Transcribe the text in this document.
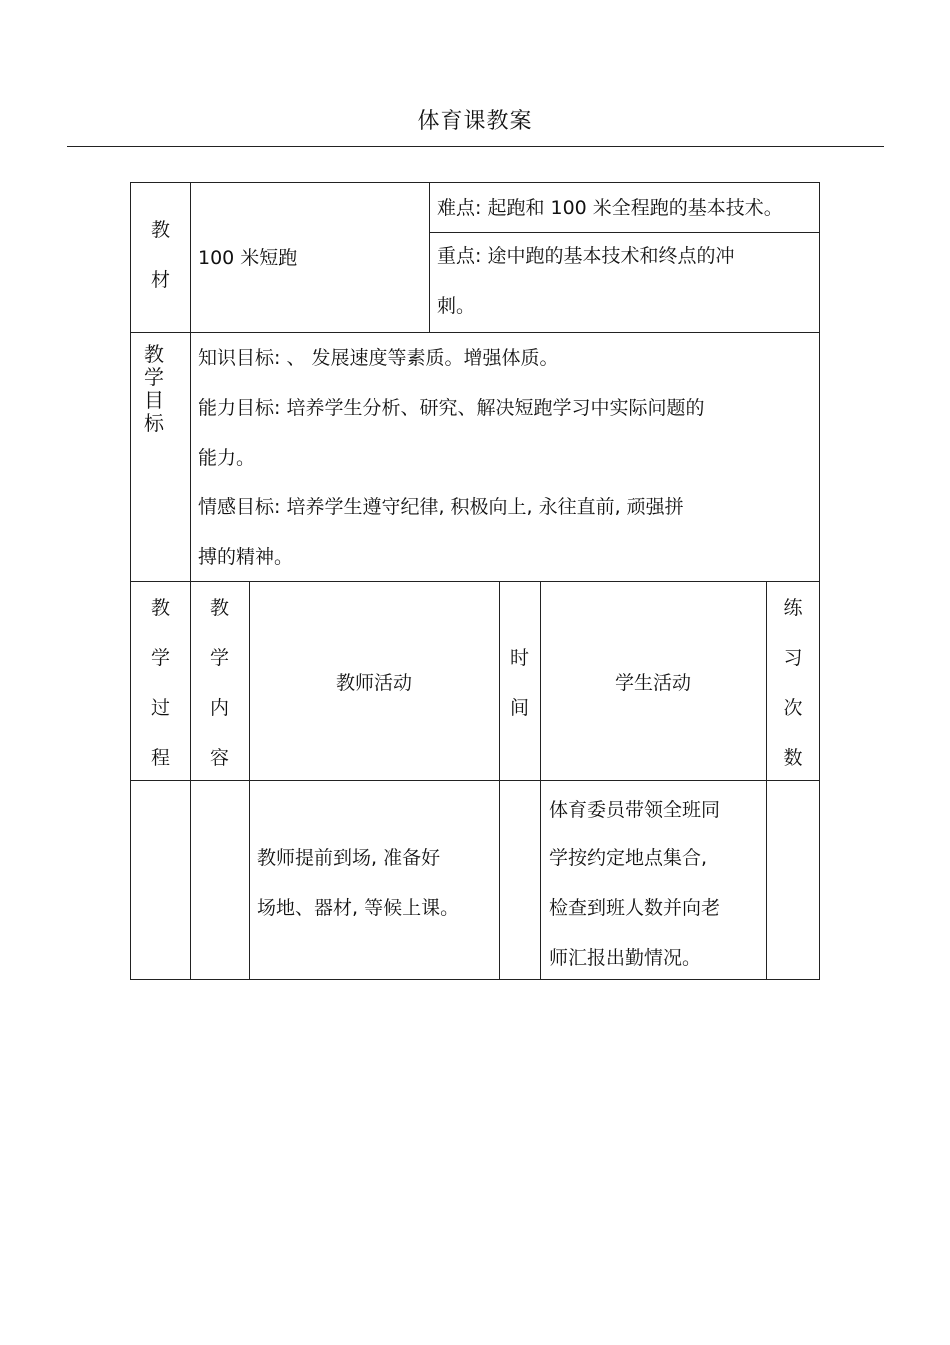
体育课教案
教
材
100 米短跑
难点: 起跑和 100 米全程跑的基本技术。
重点: 途中跑的基本技术和终点的冲
刺。
教
学
目
标
知识目标: 、 发展速度等素质。增强体质。
能力目标: 培养学生分析、研究、解决短跑学习中实际问题的
能力。
情感目标: 培养学生遵守纪律, 积极向上, 永往直前, 顽强拼
搏的精神。
教
学
过
程
教
学
内
容
教师活动
时
间
学生活动
练
习
次
数
教师提前到场, 准备好
场地、器材, 等候上课。
体育委员带领全班同
学按约定地点集合,
检查到班人数并向老
师汇报出勤情况。
